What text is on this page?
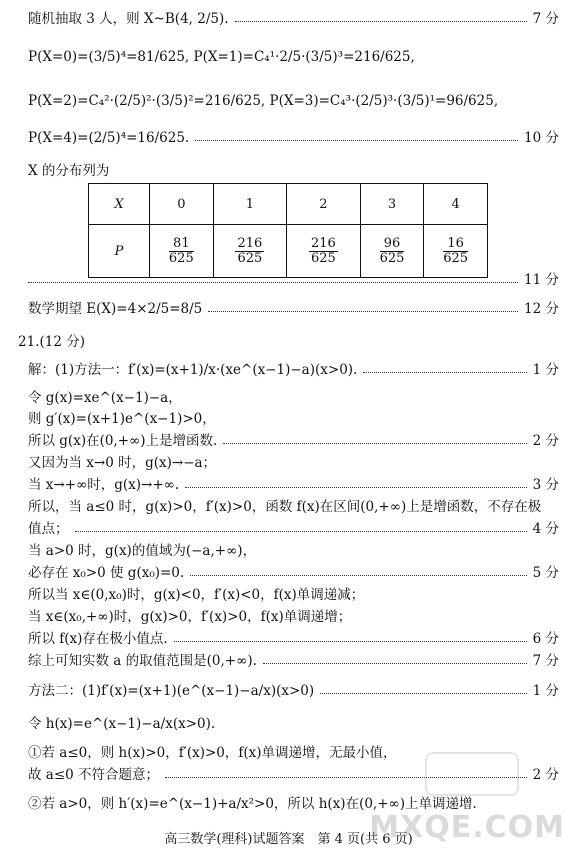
随机抽取 3 人，则 X~B(4, 2/5).	7 分
P(X=0)=(3/5)⁴=81/625, P(X=1)=C₄¹·2/5·(3/5)³=216/625,
P(X=2)=C₄²·(2/5)²·(3/5)²=216/625, P(X=3)=C₄³·(2/5)³·(3/5)¹=96/625,
P(X=4)=(2/5)⁴=16/625.	10 分
X 的分布列为
11 分
数学期望 E(X)=4×2/5=8/5	12 分
21.(12 分)
解：(1)方法一：f′(x)=(x+1)/x·(xe^(x−1)−a)(x>0).	1 分
令 g(x)=xe^(x−1)−a，
则 g′(x)=(x+1)e^(x−1)>0，
所以 g(x)在(0,+∞)上是增函数.	2 分
又因为当 x→0 时，g(x)→−a；
当 x→+∞时，g(x)→+∞.	3 分
所以，当 a≤0 时，g(x)>0，f′(x)>0，函数 f(x)在区间(0,+∞)上是增函数，不存在极
值点；	4 分
当 a>0 时，g(x)的值域为(−a,+∞)，
必存在 x₀>0 使 g(x₀)=0.	5 分
所以当 x∈(0,x₀)时，g(x)<0，f′(x)<0，f(x)单调递减；
当 x∈(x₀,+∞)时，g(x)>0，f′(x)>0，f(x)单调递增；
所以 f(x)存在极小值点.	6 分
综上可知实数 a 的取值范围是(0,+∞).	7 分
方法二：(1)f′(x)=(x+1)(e^(x−1)−a/x)(x>0)	1 分
令 h(x)=e^(x−1)−a/x(x>0).
①若 a≤0，则 h(x)>0，f′(x)>0，f(x)单调递增，无最小值，
故 a≤0 不符合题意；	2 分
②若 a>0，则 h′(x)=e^(x−1)+a/x²>0，所以 h(x)在(0,+∞)上单调递增.
X	0	1	2	3	4
P	$\frac{81}{625}$	$\frac{216}{625}$	$\frac{216}{625}$	$\frac{96}{625}$	$\frac{16}{625}$
高三数学(理科)试题答案　第 4 页(共 6 页)
MXQE.COM
